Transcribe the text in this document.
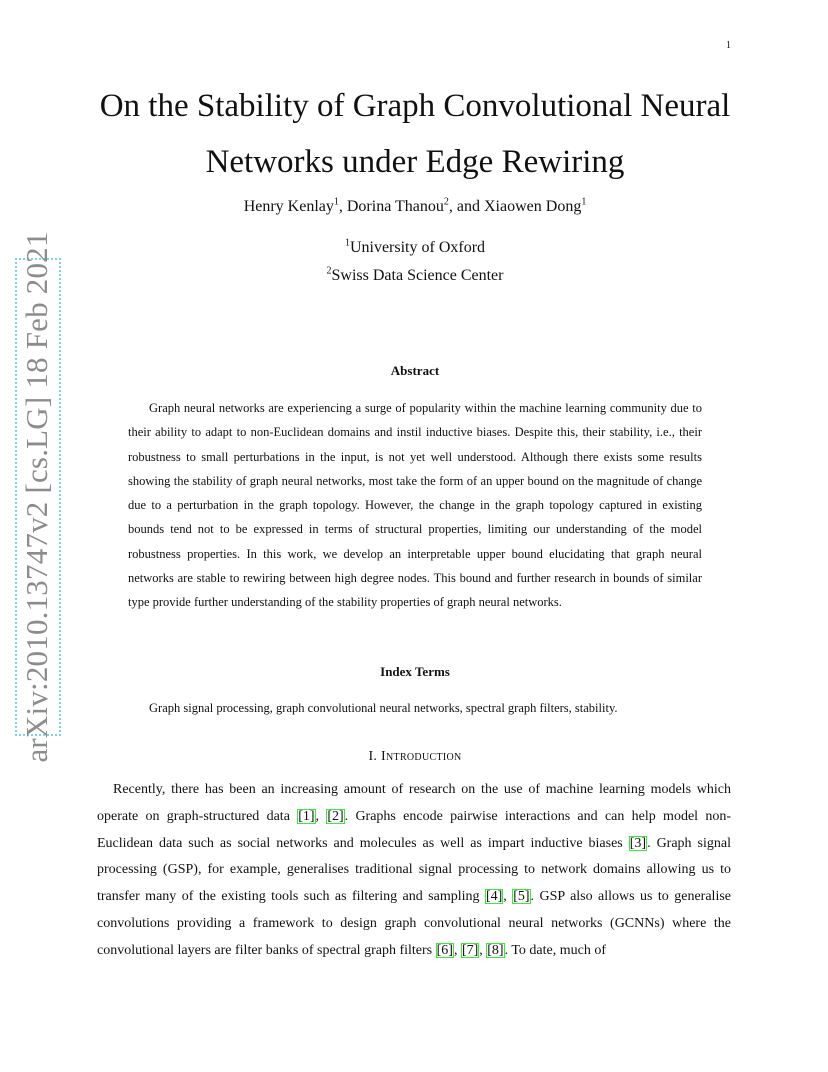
1
arXiv:2010.13747v2 [cs.LG] 18 Feb 2021
On the Stability of Graph Convolutional Neural
Networks under Edge Rewiring
Henry Kenlay$^1$, Dorina Thanou$^2$, and Xiaowen Dong$^1$
$^1$University of Oxford
$^2$Swiss Data Science Center
Abstract

Graph neural networks are experiencing a surge of popularity within the machine learning community due to their ability to adapt to non-Euclidean domains and instil inductive biases. Despite this, their stability, i.e., their robustness to small perturbations in the input, is not yet well understood. Although there exists some results showing the stability of graph neural networks, most take the form of an upper bound on the magnitude of change due to a perturbation in the graph topology. However, the change in the graph topology captured in existing bounds tend not to be expressed in terms of structural properties, limiting our understanding of the model robustness properties. In this work, we develop an interpretable upper bound elucidating that graph neural networks are stable to rewiring between high degree nodes. This bound and further research in bounds of similar type provide further understanding of the stability properties of graph neural networks.

Index Terms

Graph signal processing, graph convolutional neural networks, spectral graph filters, stability.

I. Introduction

Recently, there has been an increasing amount of research on the use of machine learning models which operate on graph-structured data [1], [2]. Graphs encode pairwise interactions and can help model non-Euclidean data such as social networks and molecules as well as impart inductive biases [3]. Graph signal processing (GSP), for example, generalises traditional signal processing to network domains allowing us to transfer many of the existing tools such as filtering and sampling [4], [5]. GSP also allows us to generalise convolutions providing a framework to design graph convolutional neural networks (GCNNs) where the convolutional layers are filter banks of spectral graph filters [6], [7], [8]. To date, much of
